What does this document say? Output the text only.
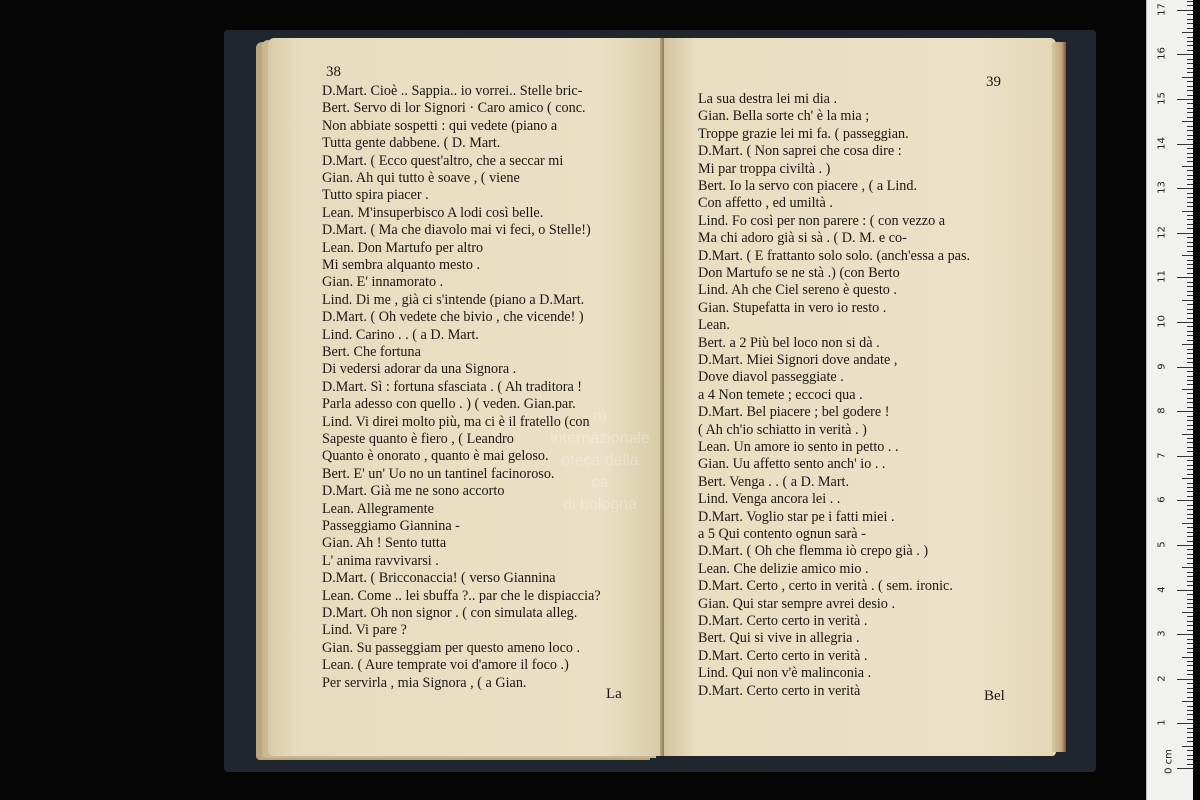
38
D.Mart. Cioè .. Sappia.. io vorrei.. Stelle bric-
Bert. Servo di lor Signori · Caro amico ( conc.
Non abbiate sospetti : qui vedete (piano a
Tutta gente dabbene. ( D. Mart.
D.Mart. ( Ecco quest'altro, che a seccar mi
Gian. Ah qui tutto è soave , ( viene
Tutto spira piacer .
Lean. M'insuperbisco A lodi così belle.
D.Mart. ( Ma che diavolo mai vi feci, o Stelle!)
Lean. Don Martufo per altro
Mi sembra alquanto mesto .
Gian. E' innamorato .
Lind. Di me , già ci s'intende (piano a D.Mart.
D.Mart. ( Oh vedete che bivio , che vicende! )
Lind. Carino . . ( a D. Mart.
Bert. Che fortuna
Di vedersi adorar da una Signora .
D.Mart. Sì : fortuna sfasciata . ( Ah traditora !
Parla adesso con quello . ) ( veden. Gian.par.
Lind. Vi direi molto più, ma ci è il fratello (con
Sapeste quanto è fiero , ( Leandro
Quanto è onorato , quanto è mai geloso.
Bert. E' un' Uo no un tantinel facinoroso.
D.Mart. Già me ne sono accorto
Lean. Allegramente
Passeggiamo Giannina -
Gian. Ah ! Sento tutta
L' anima ravvivarsi .
D.Mart. ( Bricconaccia! ( verso Giannina
Lean. Come .. lei sbuffa ?.. par che le dispiaccia?
D.Mart. Oh non signor . ( con simulata alleg.
Lind. Vi pare ?
Gian. Su passeggiam per questo ameno loco .
Lean. ( Aure temprate voi d'amore il foco .)
Per servirla , mia Signora , ( a Gian.
La
39
La sua destra lei mi dia .
Gian. Bella sorte ch' è la mia ;
Troppe grazie lei mi fa. ( passeggian.
D.Mart. ( Non saprei che cosa dire :
Mi par troppa civiltà . )
Bert. Io la servo con piacere , ( a Lind.
Con affetto , ed umiltà .
Lind. Fo così per non parere : ( con vezzo a
Ma chi adoro già si sà . ( D. M. e co-
D.Mart. ( E frattanto solo solo. (anch'essa a pas.
Don Martufo se ne stà .) (con Berto
Lind. Ah che Ciel sereno è questo .
Gian. Stupefatta in vero io resto .
Lean.
Bert. a 2 Più bel loco non si dà .
D.Mart. Miei Signori dove andate ,
Dove diavol passeggiate .
a 4 Non temete ; eccoci qua .
D.Mart. Bel piacere ; bel godere !
( Ah ch'io schiatto in verità . )
Lean. Un amore io sento in petto . .
Gian. Uu affetto sento anch' io . .
Bert. Venga . . ( a D. Mart.
Lind. Venga ancora lei . .
D.Mart. Voglio star pe i fatti miei .
a 5 Qui contento ognun sarà -
D.Mart. ( Oh che flemma iò crepo già . )
Lean. Che delizie amico mio .
D.Mart. Certo , certo in verità . ( sem. ironic.
Gian. Qui star sempre avrei desio .
D.Mart. Certo certo in verità .
Bert. Qui si vive in allegria .
D.Mart. Certo certo in verità .
Lind. Qui non v'è malinconia .
D.Mart. Certo certo in verità	Bel
m
internazionale
oteca della
ca
di bologna
0 cm
1
2
3
4
5
6
7
8
9
10
11
12
13
14
15
16
17
